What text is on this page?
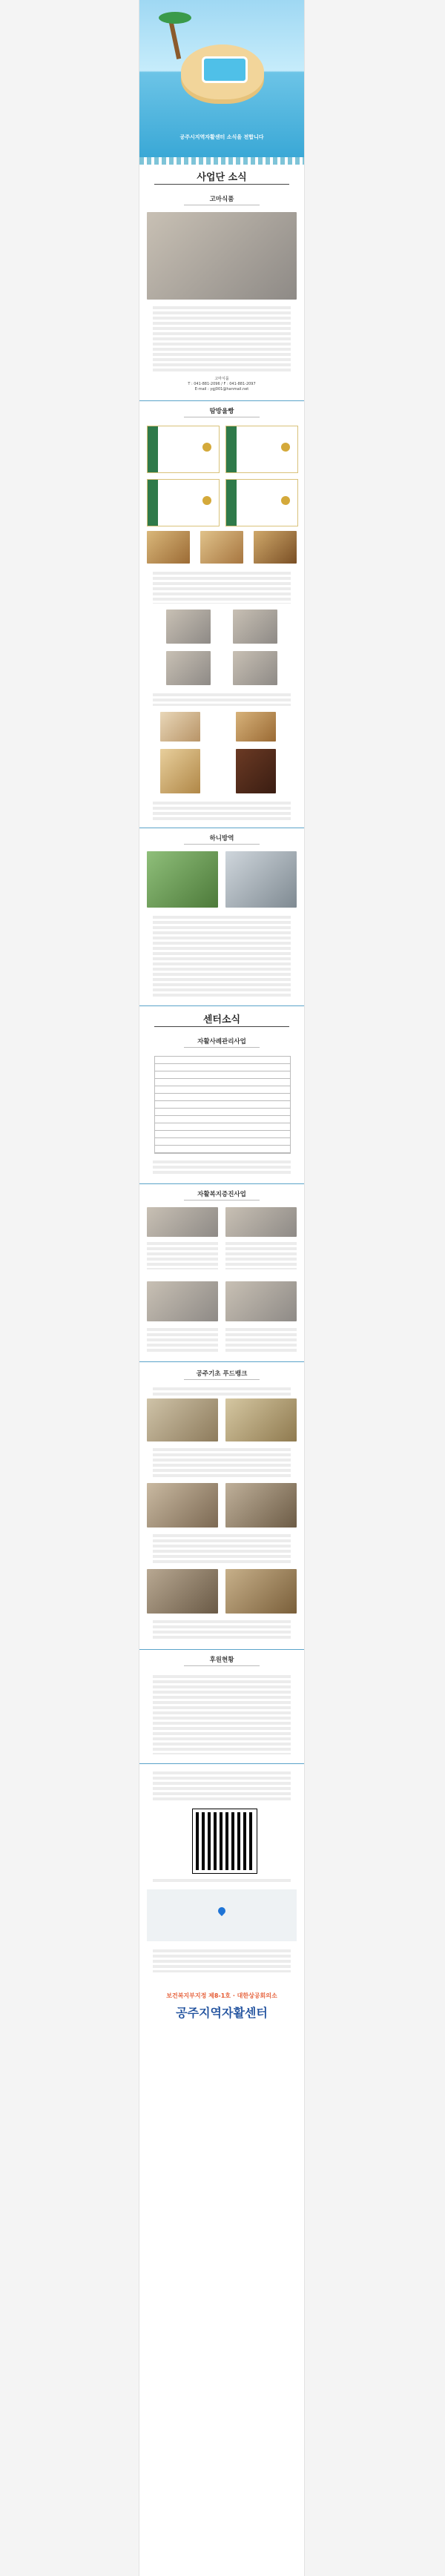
공주시지역자활센터 소식을 전합니다
사업단 소식
고마식품
고마식품
T : 041-881-2096 / F : 041-881-2097
E-mail : ygj001@hanmail.net
땀방울빵
하니방역
센터소식
자활사례관리사업
자활복지증진사업
공주기초 푸드뱅크
후원현황
보건복지부지정 제8-1호 · 대한상공회의소
공주지역자활센터
